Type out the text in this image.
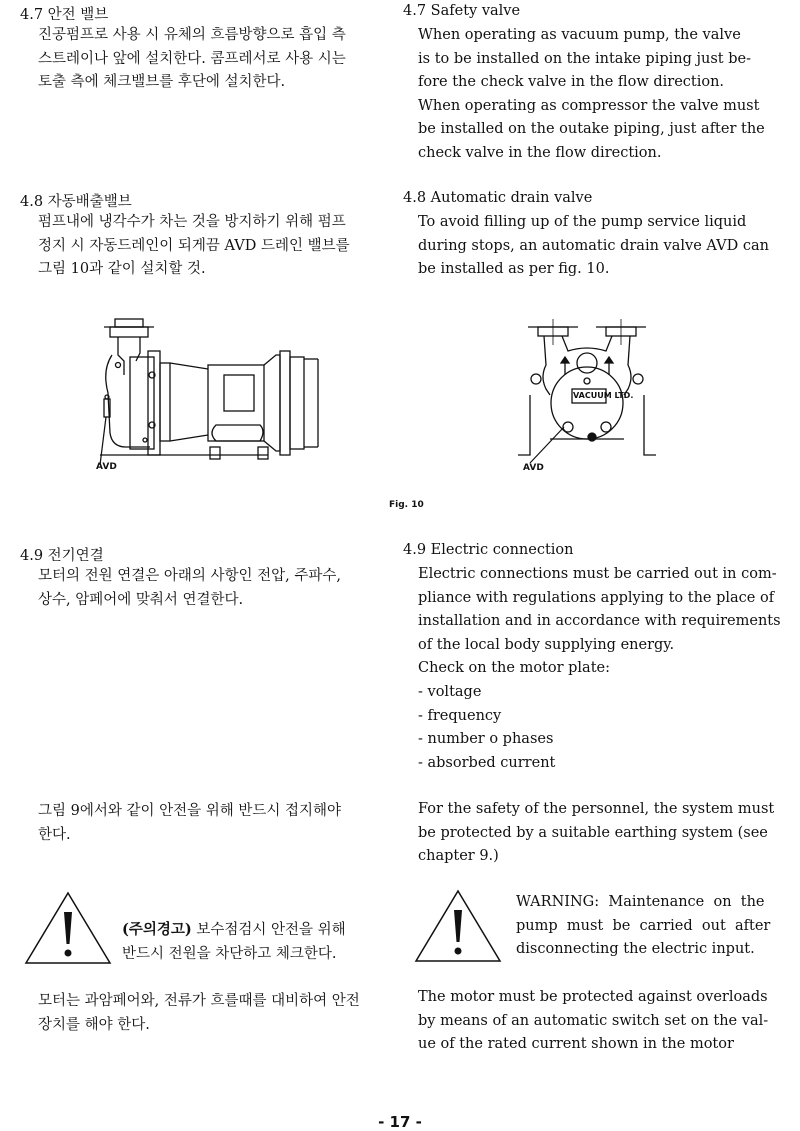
4.7 안전 밸브
진공펌프로 사용 시 유체의 흐름방향으로 흡입 측
스트레이나 앞에 설치한다. 콤프레서로 사용 시는
토출 측에 체크밸브를 후단에 설치한다.
4.7 Safety valve
When operating as vacuum pump, the valve
is to be installed on the intake piping just be-
fore the check valve in the flow direction.
When operating as compressor the valve must
be installed on the outake piping, just after the
check valve in the flow direction.
4.8 자동배출밸브
펌프내에 냉각수가 차는 것을 방지하기 위해 펌프
정지 시 자동드레인이 되게끔 AVD 드레인 밸브를
그림 10과 같이 설치할 것.
4.8 Automatic drain valve
To avoid filling up of the pump service liquid
during stops, an automatic drain valve AVD can
be installed as per fig. 10.
AVD
VACUUM LTD.
AVD
Fig. 10
4.9 전기연결
모터의 전원 연결은 아래의 사항인 전압, 주파수,
상수, 암페어에 맞춰서 연결한다.
4.9 Electric connection
Electric connections must be carried out in com-
pliance with regulations applying to the place of
installation and in accordance with requirements
of the local body supplying energy.
Check on the motor plate:
- voltage
- frequency
- number o phases
- absorbed current
그림 9에서와 같이 안전을 위해 반드시 접지해야
한다.
For the safety of the personnel, the system must
be protected by a suitable earthing system (see
chapter 9.)
(주의경고) 보수점검시 안전을 위해
반드시 전원을 차단하고 체크한다.
WARNING:  Maintenance  on  the
pump  must  be  carried  out  after
disconnecting the electric input.
모터는 과암페어와, 전류가 흐를때를 대비하여 안전
장치를 해야 한다.
The motor must be protected against overloads
by means of an automatic switch set on the val-
ue of the rated current shown in the motor
- 17 -
